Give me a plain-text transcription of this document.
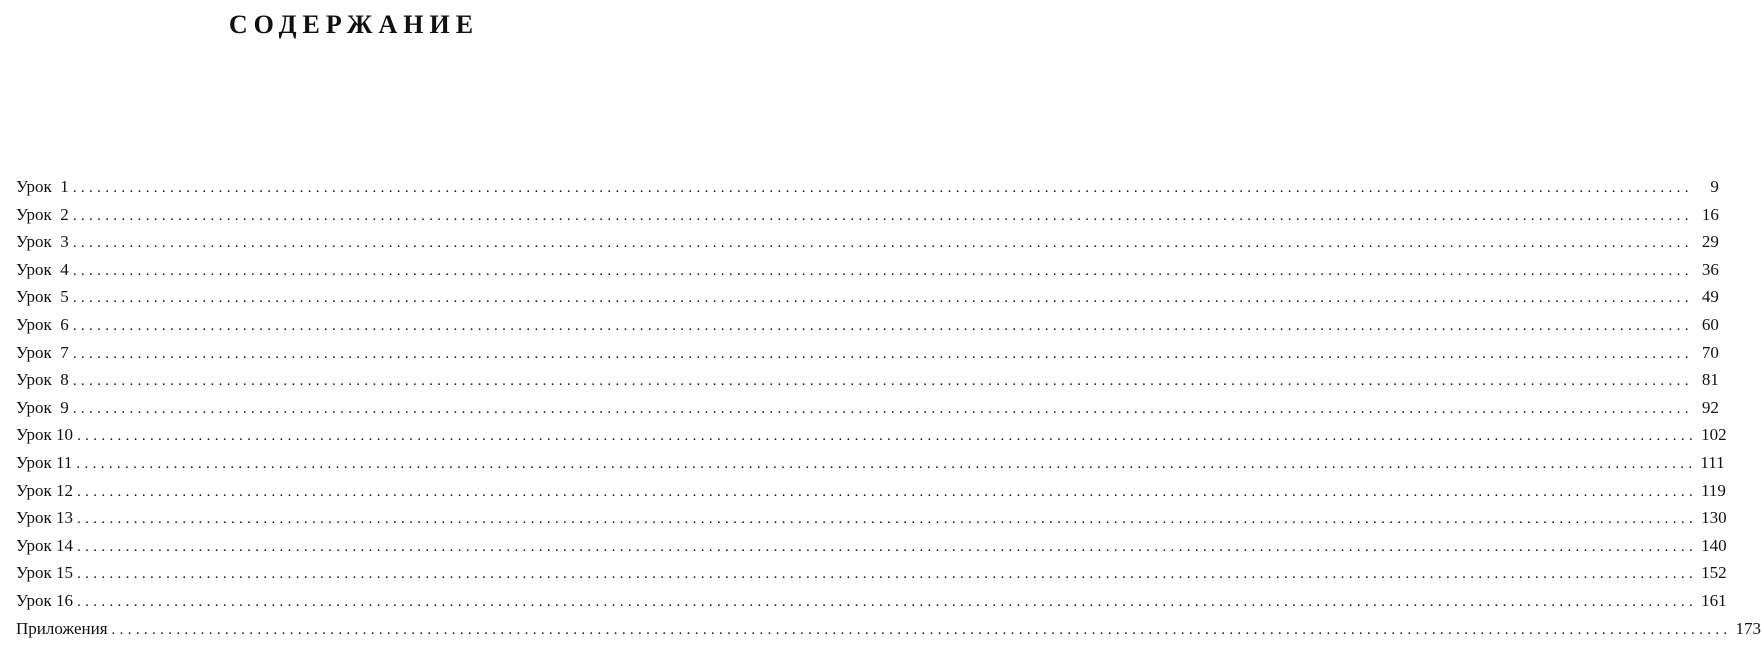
СОДЕРЖАНИЕ
Урок  1 ........................................................................................................................................................................................................	9
Урок  2 ........................................................................................................................................................................................................ 16
Урок  3 ........................................................................................................................................................................................................ 29
Урок  4 ........................................................................................................................................................................................................ 36
Урок  5 ........................................................................................................................................................................................................ 49
Урок  6 ........................................................................................................................................................................................................ 60
Урок  7 ........................................................................................................................................................................................................ 70
Урок  8 ........................................................................................................................................................................................................ 81
Урок  9 ........................................................................................................................................................................................................ 92
Урок 10 ........................................................................................................................................................................................................ 102
Урок 11 ........................................................................................................................................................................................................ 111
Урок 12 ........................................................................................................................................................................................................ 119
Урок 13 ........................................................................................................................................................................................................ 130
Урок 14 ........................................................................................................................................................................................................ 140
Урок 15 ........................................................................................................................................................................................................ 152
Урок 16 ........................................................................................................................................................................................................ 161
Приложения ........................................................................................................................................................................................................ 173
